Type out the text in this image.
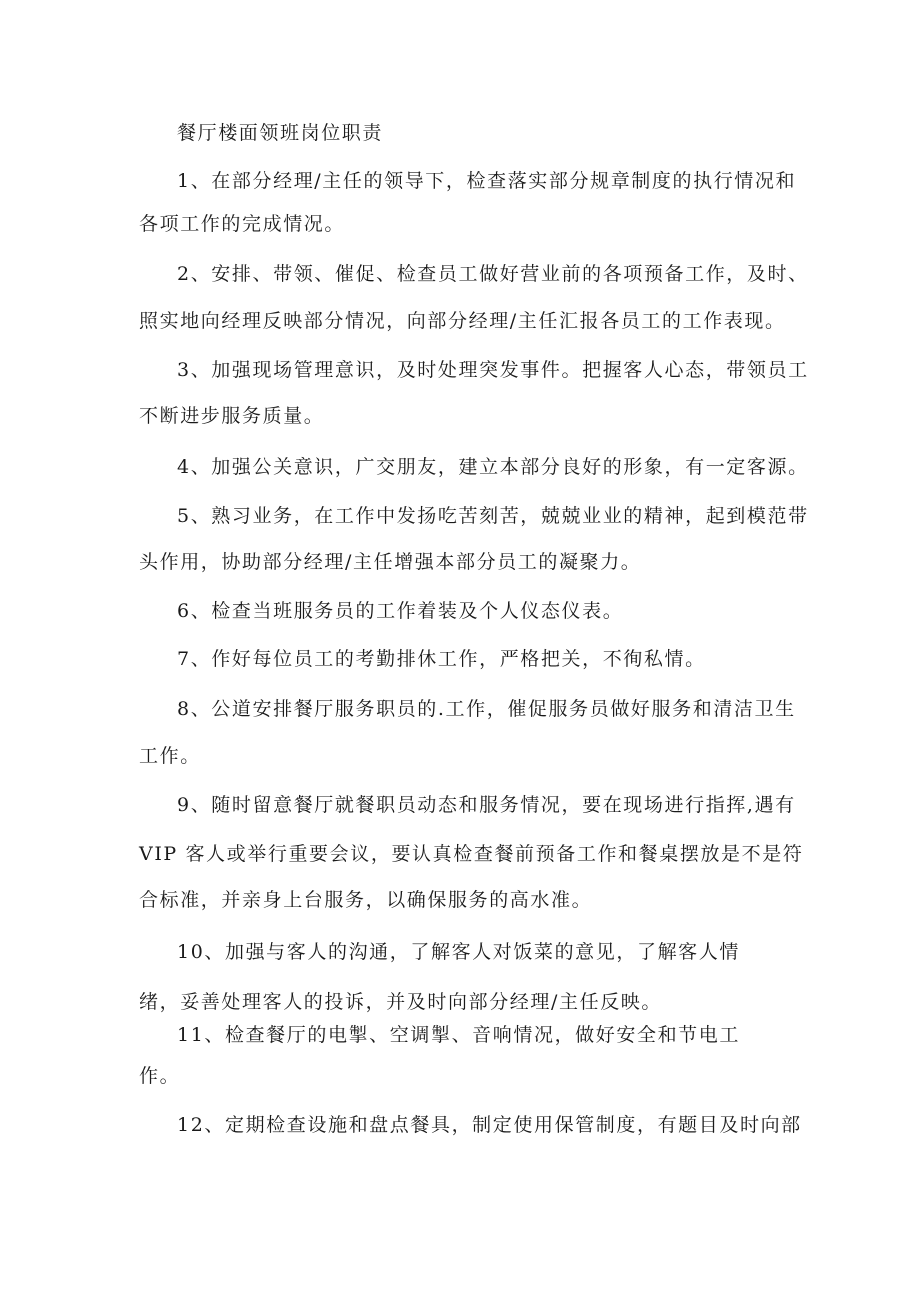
餐厅楼面领班岗位职责
1、在部分经理/主任的领导下，检查落实部分规章制度的执行情况和
各项工作的完成情况。
2、安排、带领、催促、检查员工做好营业前的各项预备工作，及时、
照实地向经理反映部分情况，向部分经理/主任汇报各员工的工作表现。
3、加强现场管理意识，及时处理突发事件。把握客人心态，带领员工
不断进步服务质量。
4、加强公关意识，广交朋友，建立本部分良好的形象，有一定客源。
5、熟习业务，在工作中发扬吃苦刻苦，兢兢业业的精神，起到模范带
头作用，协助部分经理/主任增强本部分员工的凝聚力。
6、检查当班服务员的工作着装及个人仪态仪表。
7、作好每位员工的考勤排休工作，严格把关，不徇私情。
8、公道安排餐厅服务职员的.工作，催促服务员做好服务和清洁卫生
工作。
9、随时留意餐厅就餐职员动态和服务情况，要在现场进行指挥,遇有
VIP 客人或举行重要会议，要认真检查餐前预备工作和餐桌摆放是不是符
合标准，并亲身上台服务，以确保服务的高水准。
10、加强与客人的沟通，了解客人对饭菜的意见，了解客人情
绪，妥善处理客人的投诉，并及时向部分经理/主任反映。
11、检查餐厅的电掣、空调掣、音响情况，做好安全和节电工
作。
12、定期检查设施和盘点餐具，制定使用保管制度，有题目及时向部
